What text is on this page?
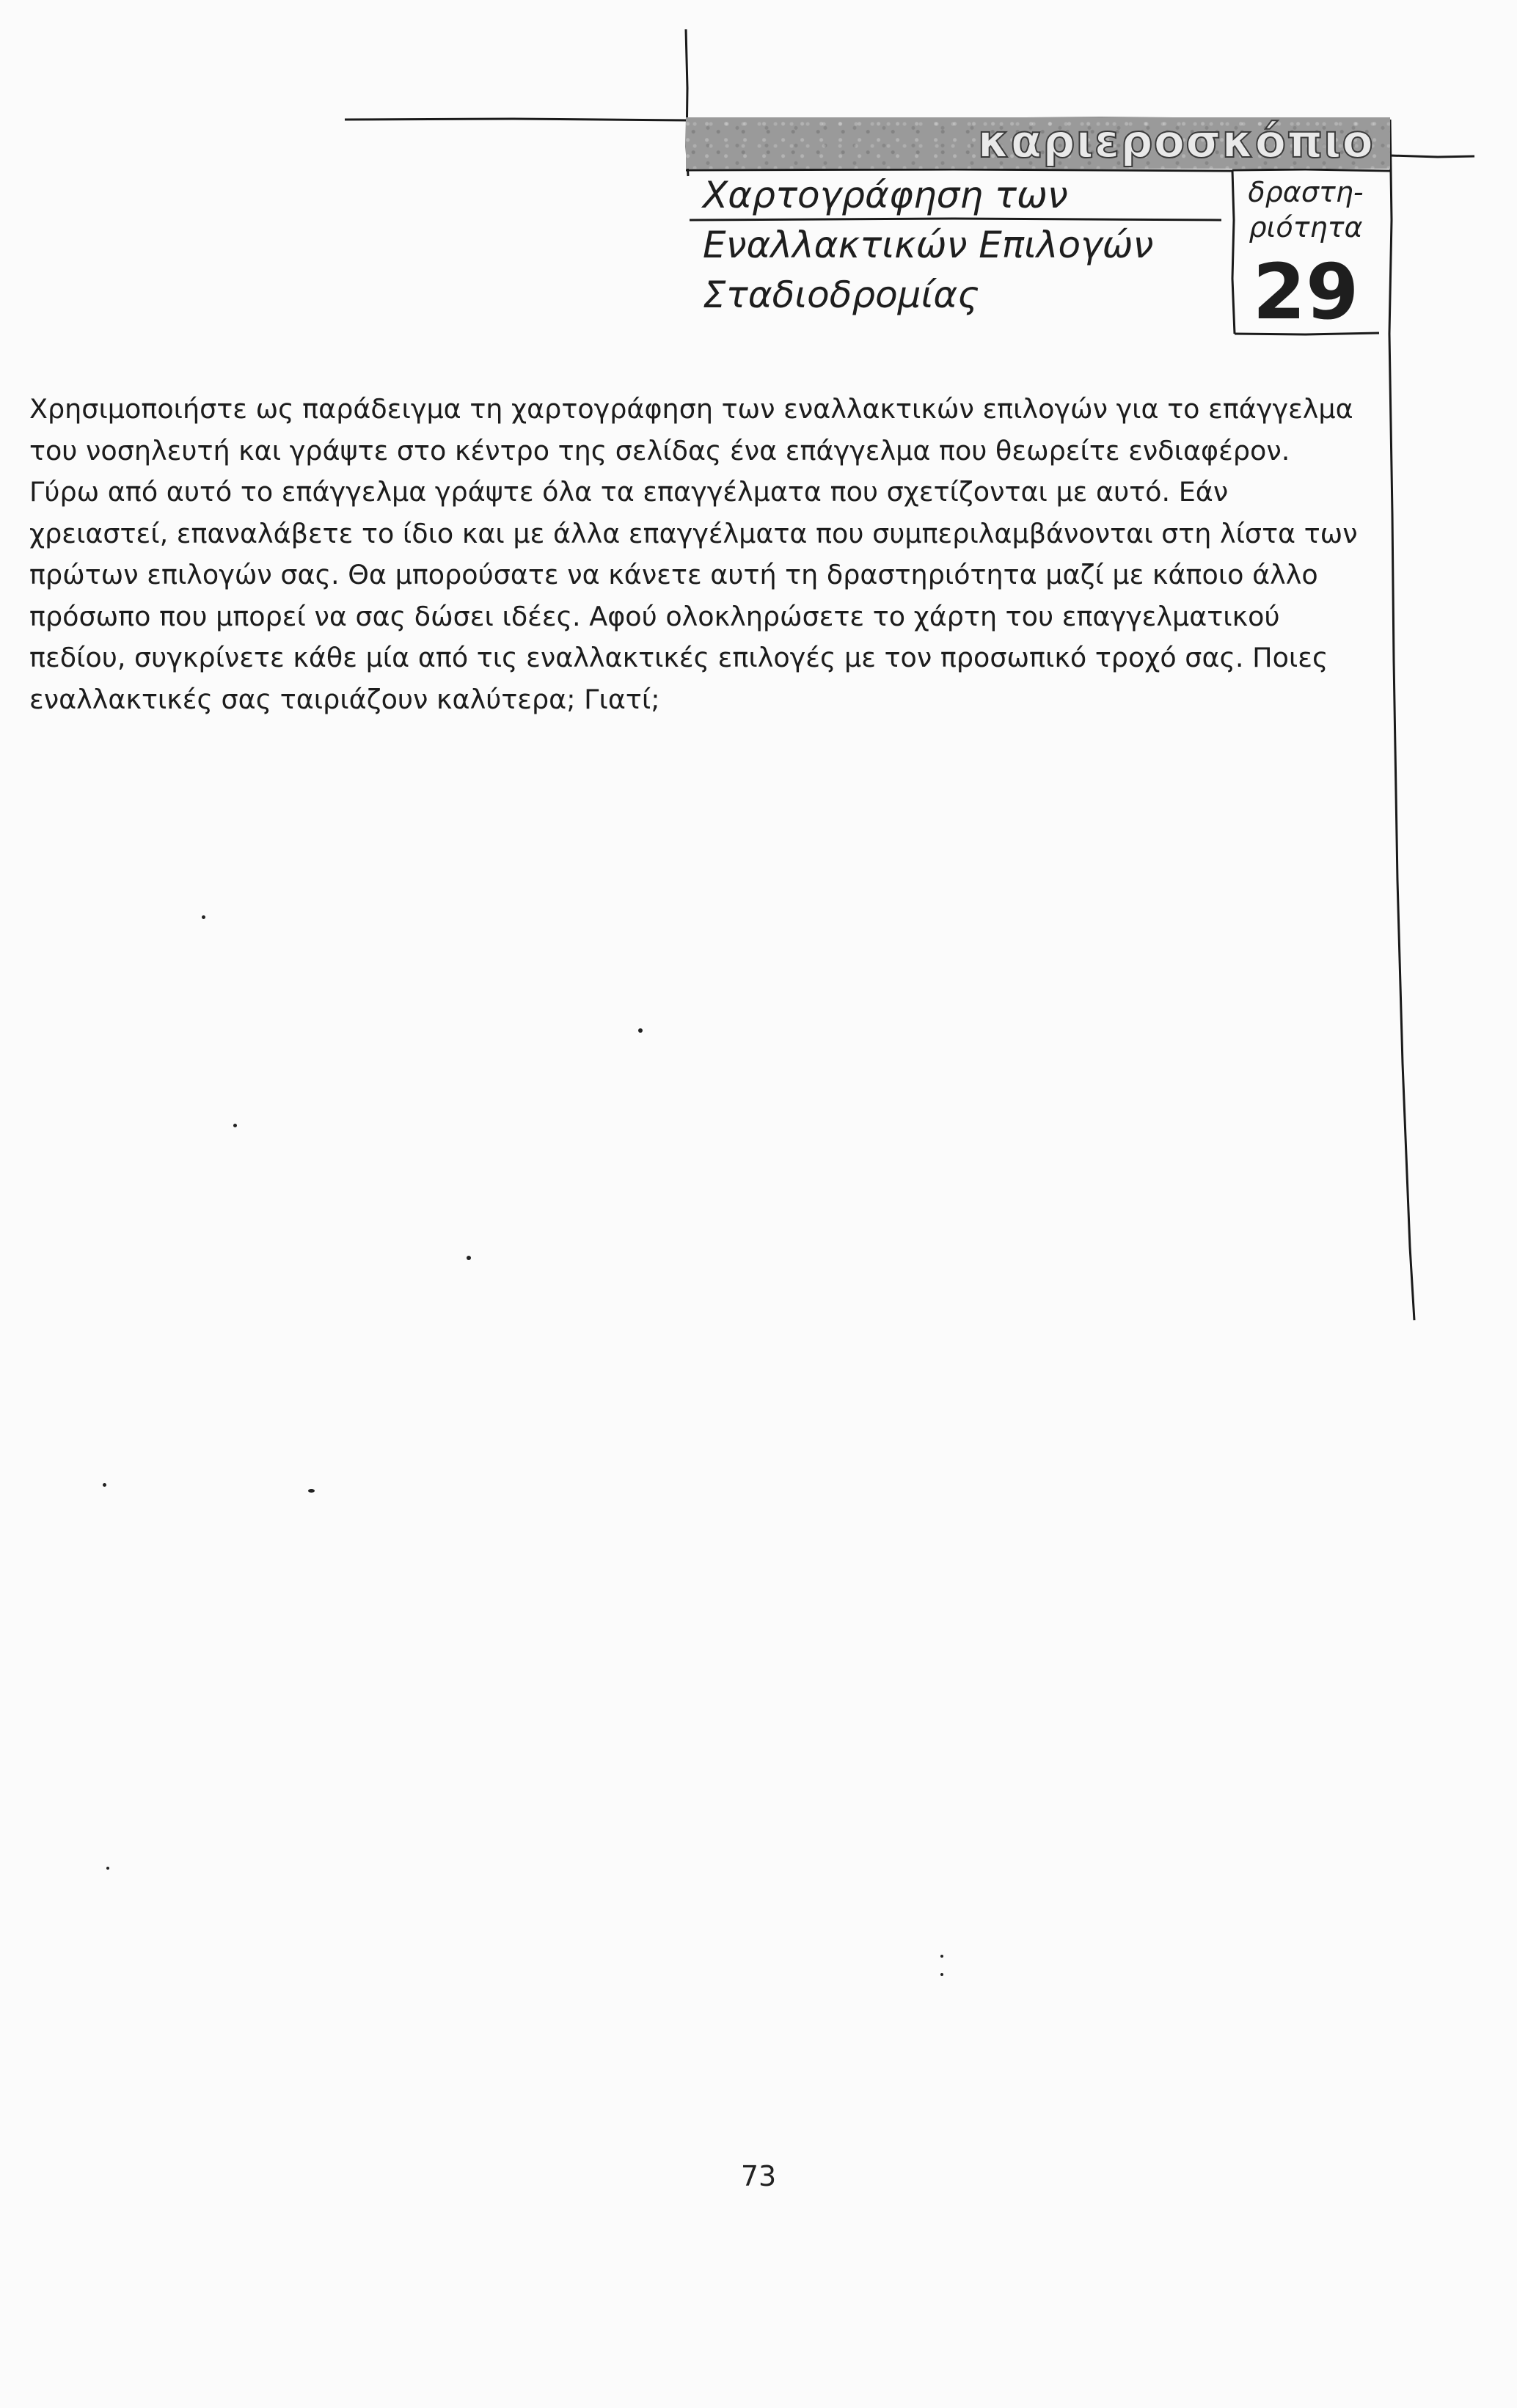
καριεροσκόπιο
Χαρτογράφηση των
Εναλλακτικών Επιλογών
Σταδιοδρομίας
δραστη-
ριότητα
29
Χρησιμοποιήστε ως παράδειγμα τη χαρτογράφηση των εναλλακτικών επιλογών για το επάγγελμα
του νοσηλευτή και γράψτε στο κέντρο της σελίδας ένα επάγγελμα που θεωρείτε ενδιαφέρον.
Γύρω από αυτό το επάγγελμα γράψτε όλα τα επαγγέλματα που σχετίζονται με αυτό. Εάν
χρειαστεί, επαναλάβετε το ίδιο και με άλλα επαγγέλματα που συμπεριλαμβάνονται στη λίστα των
πρώτων επιλογών σας. Θα μπορούσατε να κάνετε αυτή τη δραστηριότητα μαζί με κάποιο άλλο
πρόσωπο που μπορεί να σας δώσει ιδέες. Αφού ολοκληρώσετε το χάρτη του επαγγελματικού
πεδίου, συγκρίνετε κάθε μία από τις εναλλακτικές επιλογές με τον προσωπικό τροχό σας. Ποιες
εναλλακτικές σας ταιριάζουν καλύτερα; Γιατί;
73
